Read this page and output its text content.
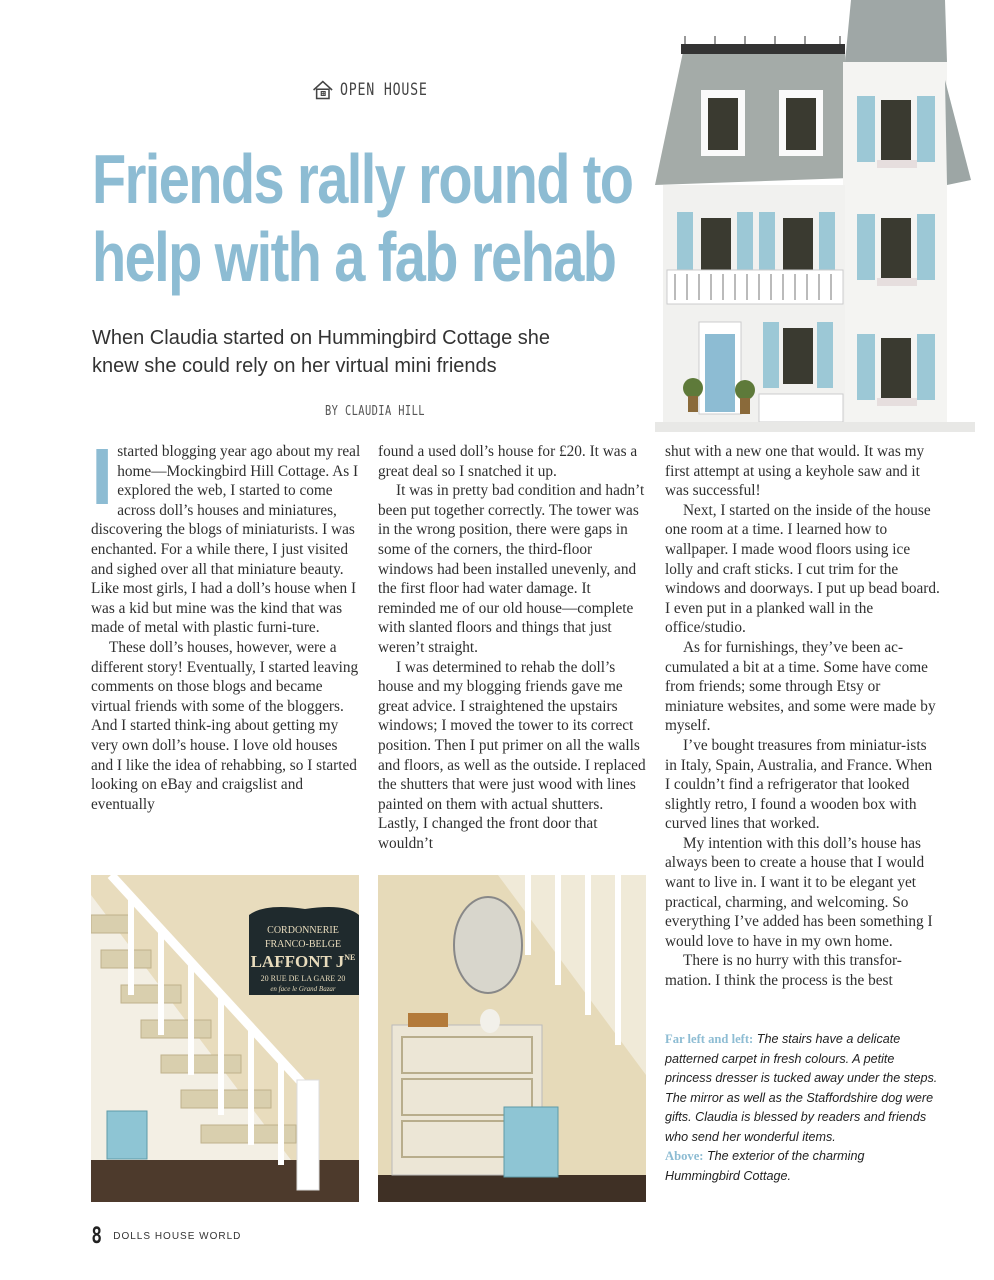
OPEN HOUSE
Friends rally round to
help with a fab rehab
When Claudia started on Hummingbird Cottage she
knew she could rely on her virtual mini friends
BY CLAUDIA HILL
I started blogging year ago about my real home—Mockingbird Hill Cottage. As I explored the web, I started to come across doll’s houses and miniatures, discovering the blogs of miniaturists. I was enchanted. For a while there, I just visited and sighed over all that miniature beauty. Like most girls, I had a doll’s house when I was a kid but mine was the kind that was made of metal with plastic furni-ture.

These doll’s houses, however, were a different story! Eventually, I started leaving comments on those blogs and became virtual friends with some of the bloggers. And I started think-ing about getting my very own doll’s house. I love old houses and I like the idea of rehabbing, so I started looking on eBay and craigslist and eventually

found a used doll’s house for £20. It was a great deal so I snatched it up.

It was in pretty bad condition and hadn’t been put together correctly. The tower was in the wrong position, there were gaps in some of the corners, the third-floor windows had been installed unevenly, and the first floor had water damage. It reminded me of our old house—complete with slanted floors and things that just weren’t straight.

I was determined to rehab the doll’s house and my blogging friends gave me great advice. I straightened the upstairs windows; I moved the tower to its correct position. Then I put primer on all the walls and floors, as well as the outside. I replaced the shutters that were just wood with lines painted on them with actual shutters. Lastly, I changed the front door that wouldn’t

shut with a new one that would. It was my first attempt at using a keyhole saw and it was successful!

Next, I started on the inside of the house one room at a time. I learned how to wallpaper. I made wood floors using ice lolly and craft sticks. I cut trim for the windows and doorways. I put up bead board. I even put in a planked wall in the office/studio.

As for furnishings, they’ve been ac-cumulated a bit at a time. Some have come from friends; some through Etsy or miniature websites, and some were made by myself.

I’ve bought treasures from miniatur-ists in Italy, Spain, Australia, and France. When I couldn’t find a refrigerator that looked slightly retro, I found a wooden box with curved lines that worked.

My intention with this doll’s house has always been to create a house that I would want to live in. I want it to be elegant yet practical, charming, and welcoming. So everything I’ve added has been something I would love to have in my own home.

There is no hurry with this transfor-mation. I think the process is the best

Far left and left: The stairs have a delicate patterned carpet in fresh colours. A petite princess dresser is tucked away under the steps. The mirror as well as the Staffordshire dog were gifts. Claudia is blessed by readers and friends who send her wonderful items.
Above: The exterior of the charming Hummingbird Cottage.
CORDONNERIE
FRANCO-BELGE
LAFFONT $J^{NE}$
20 RUE DE LA GARE 20
en face le Grand Bazar
8 DOLLS HOUSE WORLD
